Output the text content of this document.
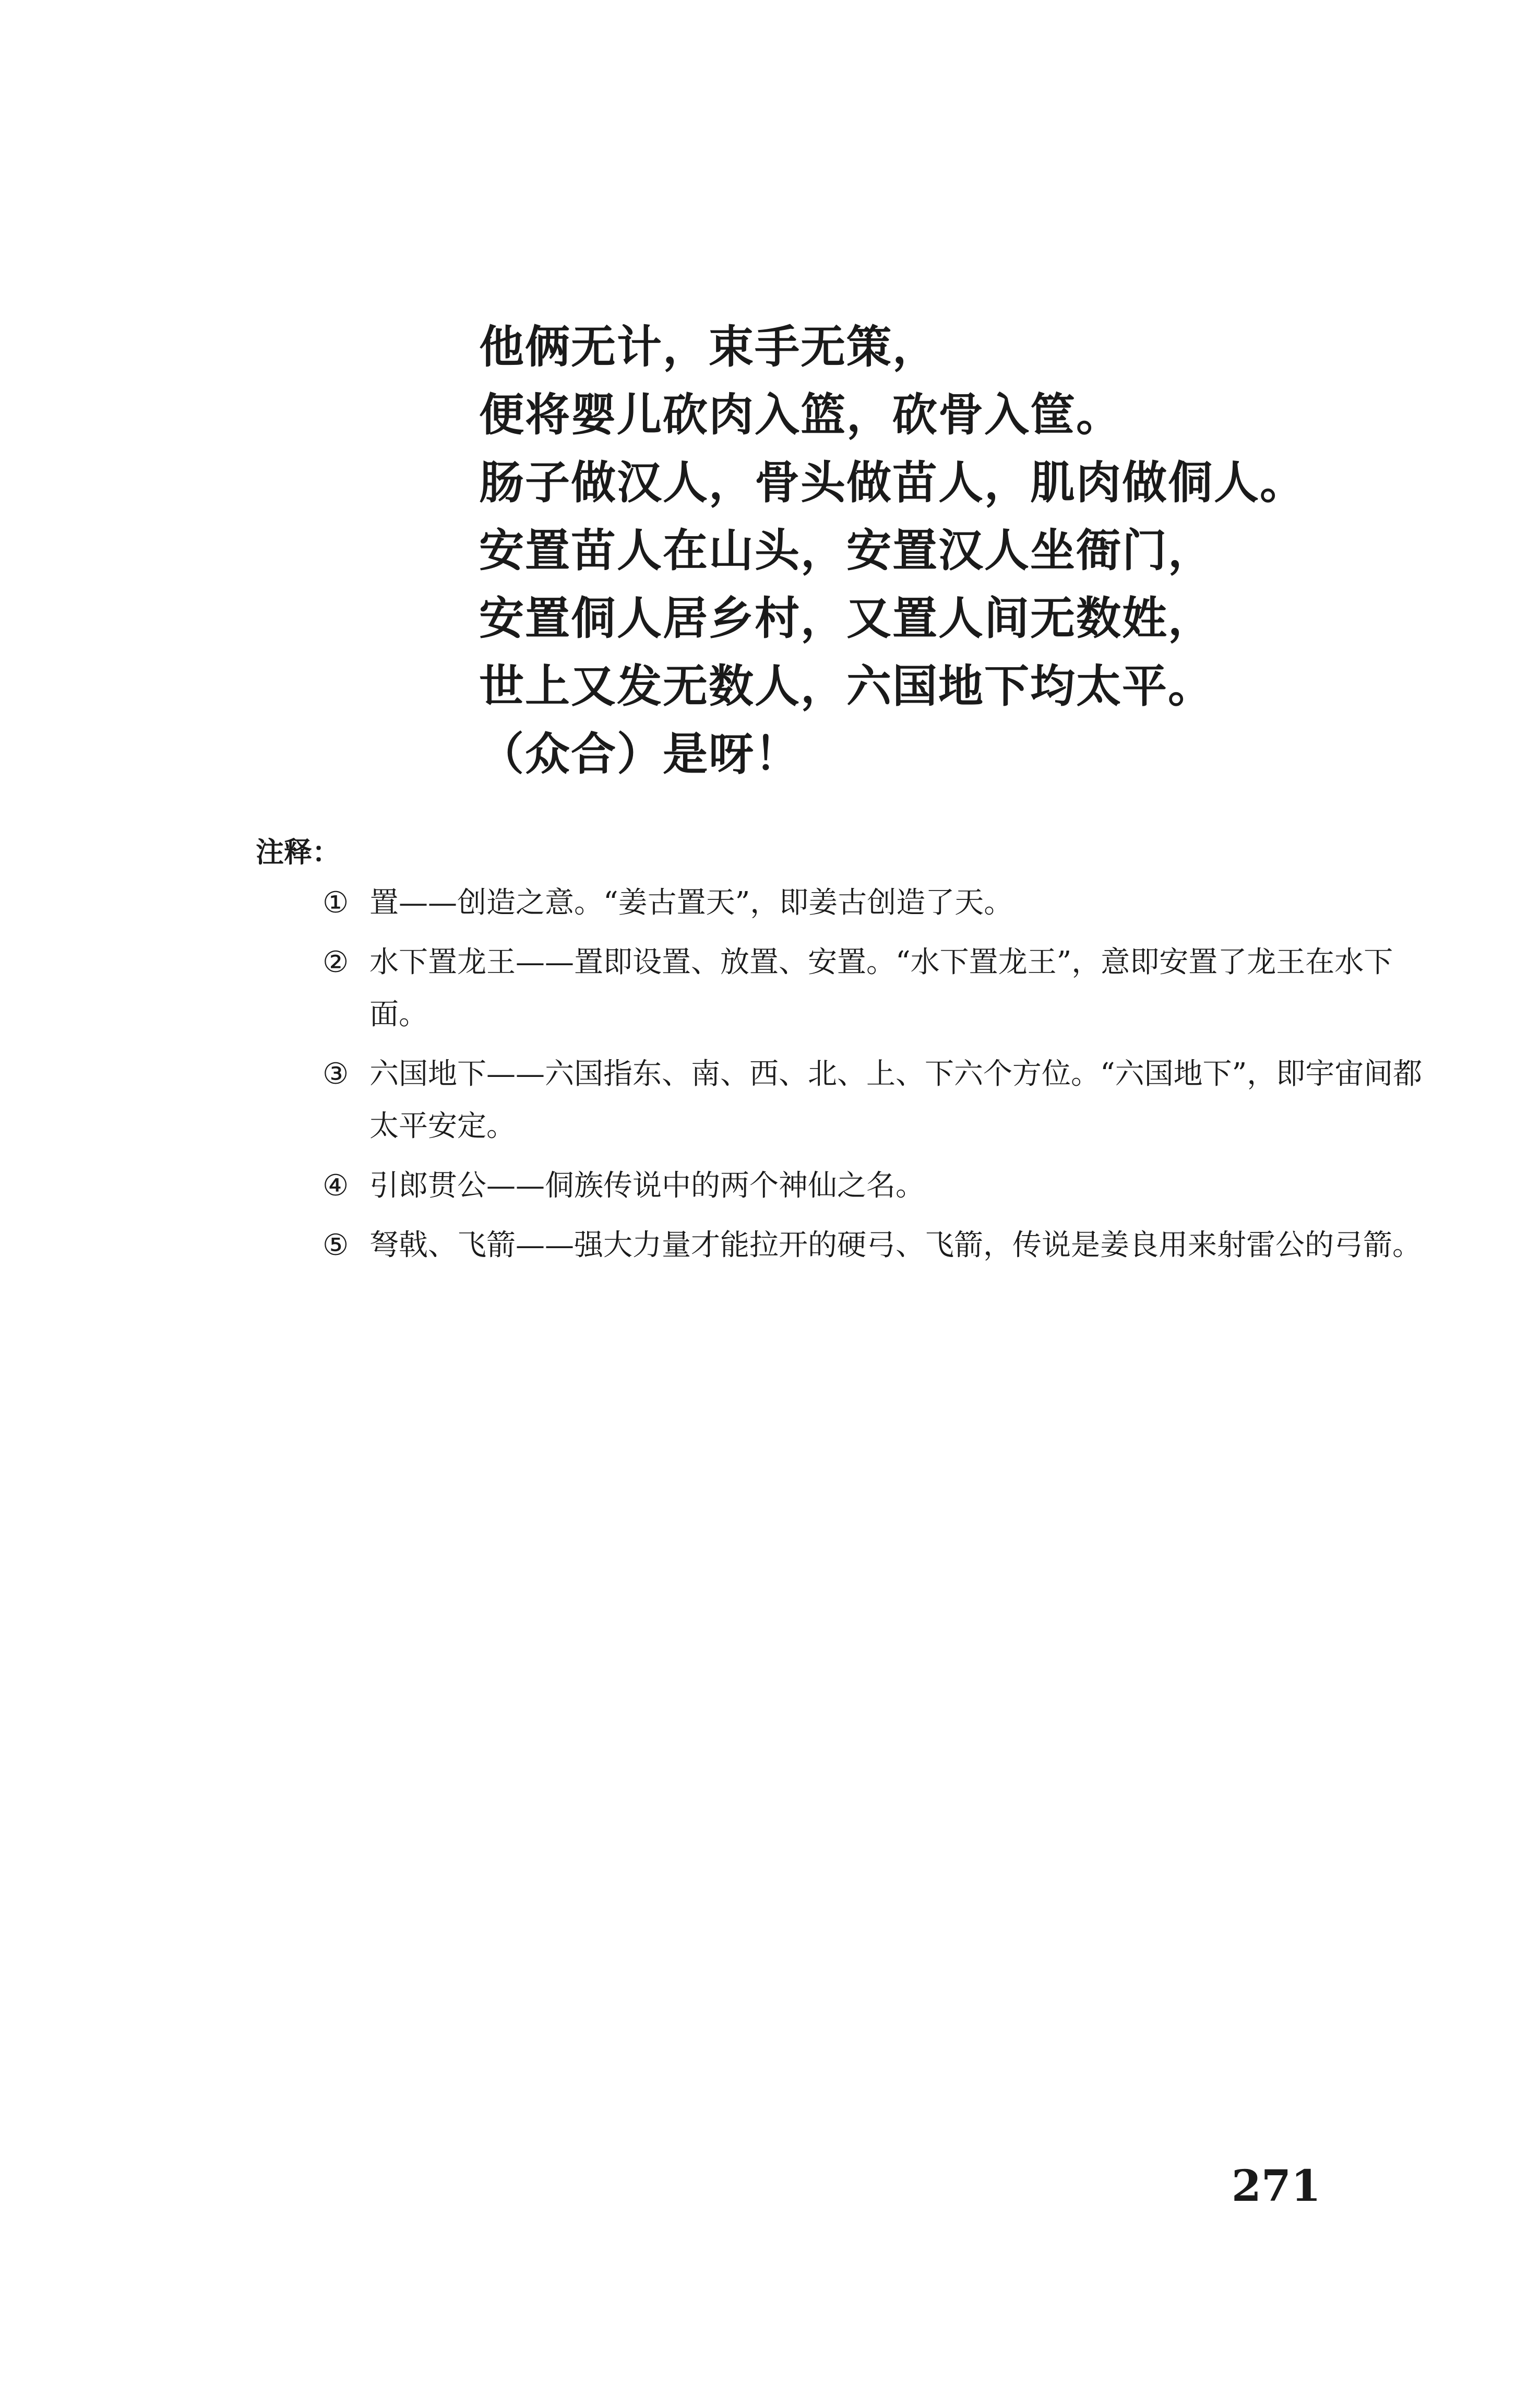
他俩无计，束手无策，
便将婴儿砍肉入篮，砍骨入筐。
肠子做汉人，骨头做苗人，肌肉做侗人。
安置苗人在山头，安置汉人坐衙门，
安置侗人居乡村，又置人间无数姓，
世上又发无数人，六国地下均太平。
（众合）是呀！
注释：
① 置——创造之意。“姜古置天”，即姜古创造了天。
② 水下置龙王——置即设置、放置、安置。“水下置龙王”，意即安置了龙王在水下面。
③ 六国地下——六国指东、南、西、北、上、下六个方位。“六国地下”，即宇宙间都太平安定。
④ 引郎贯公——侗族传说中的两个神仙之名。
⑤ 弩戟、飞箭——强大力量才能拉开的硬弓、飞箭，传说是姜良用来射雷公的弓箭。
271
